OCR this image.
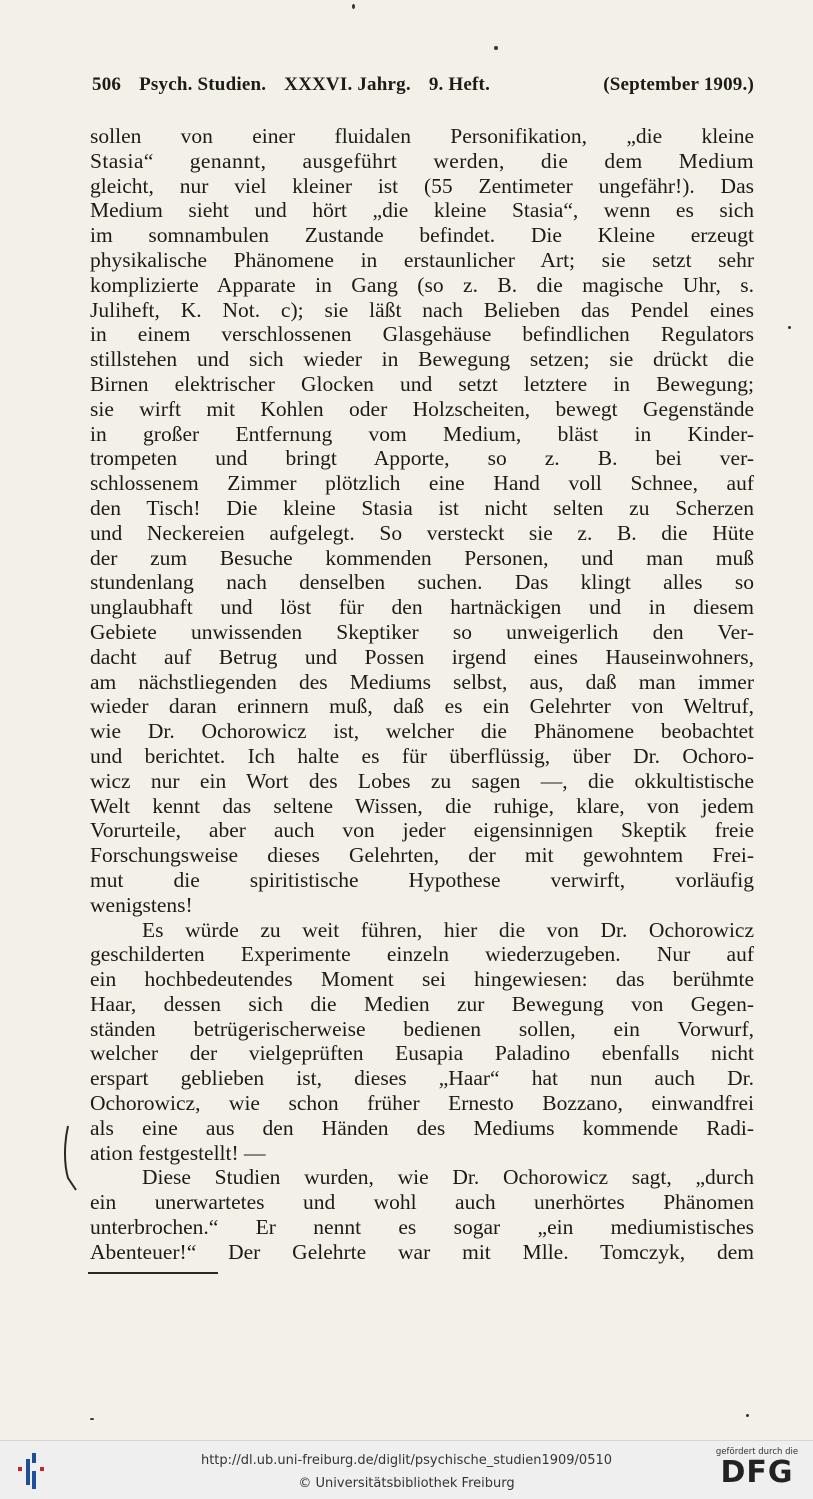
506 Psych. Studien. XXXVI. Jahrg. 9. Heft.	(September 1909.)
sollen von einer fluidalen Personifikation, „die kleine
Stasia“ genannt, ausgeführt werden, die dem Medium
gleicht, nur viel kleiner ist (55 Zentimeter ungefähr!). Das
Medium sieht und hört „die kleine Stasia“, wenn es sich
im somnambulen Zustande befindet. Die Kleine erzeugt
physikalische Phänomene in erstaunlicher Art; sie setzt sehr
komplizierte Apparate in Gang (so z. B. die magische Uhr, s.
Juliheft, K. Not. c); sie läßt nach Belieben das Pendel eines
in einem verschlossenen Glasgehäuse befindlichen Regulators
stillstehen und sich wieder in Bewegung setzen; sie drückt die
Birnen elektrischer Glocken und setzt letztere in Bewegung;
sie wirft mit Kohlen oder Holzscheiten, bewegt Gegenstände
in großer Entfernung vom Medium, bläst in Kinder-
trompeten und bringt Apporte, so z. B. bei ver-
schlossenem Zimmer plötzlich eine Hand voll Schnee, auf
den Tisch! Die kleine Stasia ist nicht selten zu Scherzen
und Neckereien aufgelegt. So versteckt sie z. B. die Hüte
der zum Besuche kommenden Personen, und man muß
stundenlang nach denselben suchen. Das klingt alles so
unglaubhaft und löst für den hartnäckigen und in diesem
Gebiete unwissenden Skeptiker so unweigerlich den Ver-
dacht auf Betrug und Possen irgend eines Hauseinwohners,
am nächstliegenden des Mediums selbst, aus, daß man immer
wieder daran erinnern muß, daß es ein Gelehrter von Weltruf,
wie Dr. Ochorowicz ist, welcher die Phänomene beobachtet
und berichtet. Ich halte es für überflüssig, über Dr. Ochoro-
wicz nur ein Wort des Lobes zu sagen —, die okkultistische
Welt kennt das seltene Wissen, die ruhige, klare, von jedem
Vorurteile, aber auch von jeder eigensinnigen Skeptik freie
Forschungsweise dieses Gelehrten, der mit gewohntem Frei-
mut die spiritistische Hypothese verwirft, vorläufig
wenigstens!
Es würde zu weit führen, hier die von Dr. Ochorowicz
geschilderten Experimente einzeln wiederzugeben. Nur auf
ein hochbedeutendes Moment sei hingewiesen: das berühmte
Haar, dessen sich die Medien zur Bewegung von Gegen-
ständen betrügerischerweise bedienen sollen, ein Vorwurf,
welcher der vielgeprüften Eusapia Paladino ebenfalls nicht
erspart geblieben ist, dieses „Haar“ hat nun auch Dr.
Ochorowicz, wie schon früher Ernesto Bozzano, einwandfrei
als eine aus den Händen des Mediums kommende Radi-
ation festgestellt! —
Diese Studien wurden, wie Dr. Ochorowicz sagt, „durch
ein unerwartetes und wohl auch unerhörtes Phänomen
unterbrochen.“ Er nennt es sogar „ein mediumistisches
Abenteuer!“ Der Gelehrte war mit Mlle. Tomczyk, dem
http://dl.ub.uni-freiburg.de/diglit/psychische_studien1909/0510
© Universitätsbibliothek Freiburg
gefördert durch die
DFG
